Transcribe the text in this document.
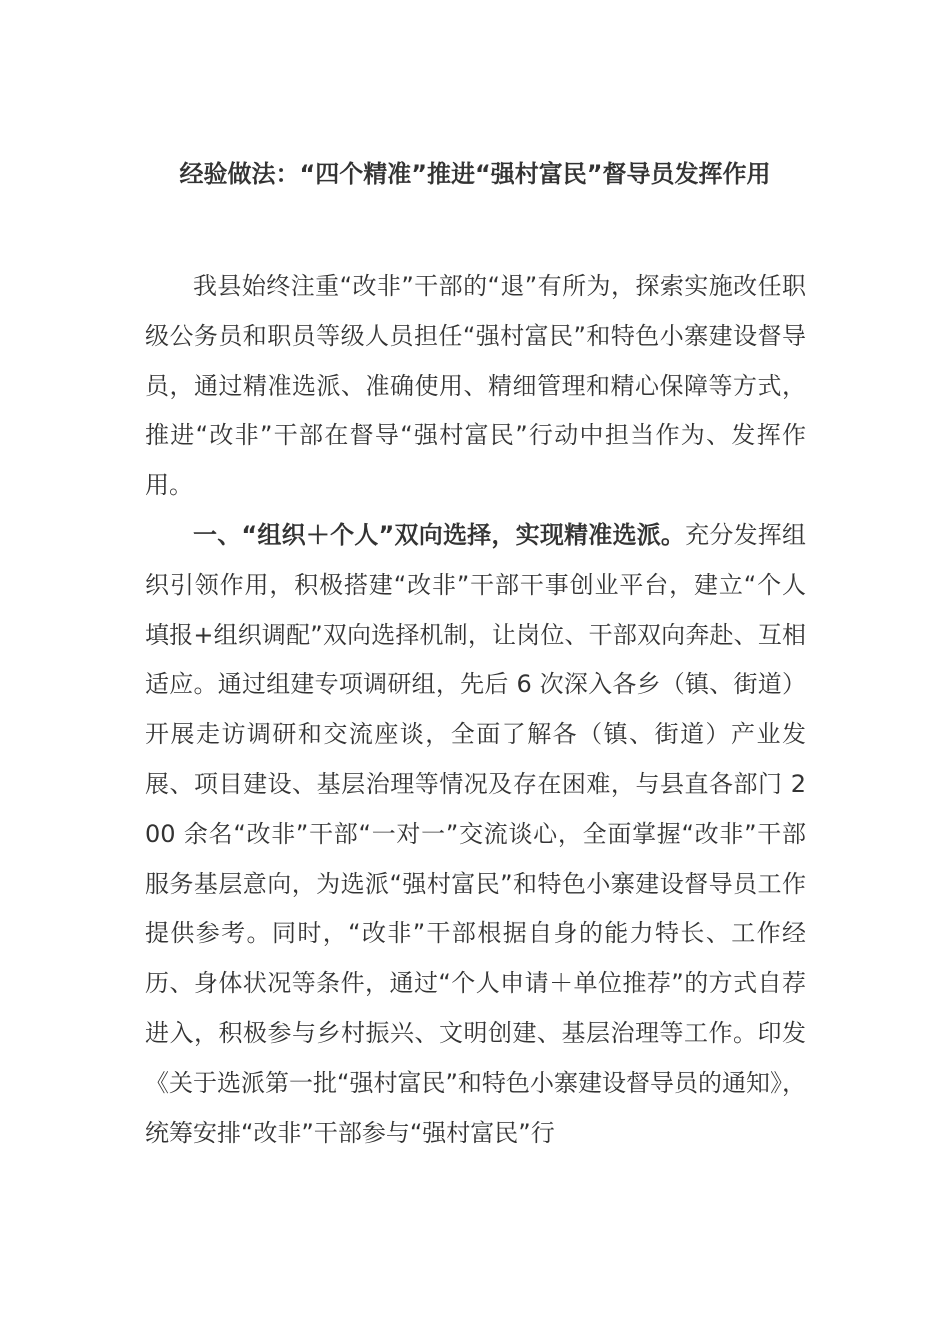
经验做法：“四个精准”推进“强村富民”督导员发挥作用

我县始终注重“改非”干部的“退”有所为，探索实施改任职级公务员和职员等级人员担任“强村富民”和特色小寨建设督导员，通过精准选派、准确使用、精细管理和精心保障等方式，推进“改非”干部在督导“强村富民”行动中担当作为、发挥作用。

一、“组织＋个人”双向选择，实现精准选派。充分发挥组织引领作用，积极搭建“改非”干部干事创业平台，建立“个人填报+组织调配”双向选择机制，让岗位、干部双向奔赴、互相适应。通过组建专项调研组，先后 6 次深入各乡（镇、街道）开展走访调研和交流座谈，全面了解各（镇、街道）产业发展、项目建设、基层治理等情况及存在困难，与县直各部门 200 余名“改非”干部“一对一”交流谈心，全面掌握“改非”干部服务基层意向，为选派“强村富民”和特色小寨建设督导员工作提供参考。同时，“改非”干部根据自身的能力特长、工作经历、身体状况等条件，通过“个人申请＋单位推荐”的方式自荐进入，积极参与乡村振兴、文明创建、基层治理等工作。印发《关于选派第一批“强村富民”和特色小寨建设督导员的通知》，统筹安排“改非”干部参与“强村富民”行
